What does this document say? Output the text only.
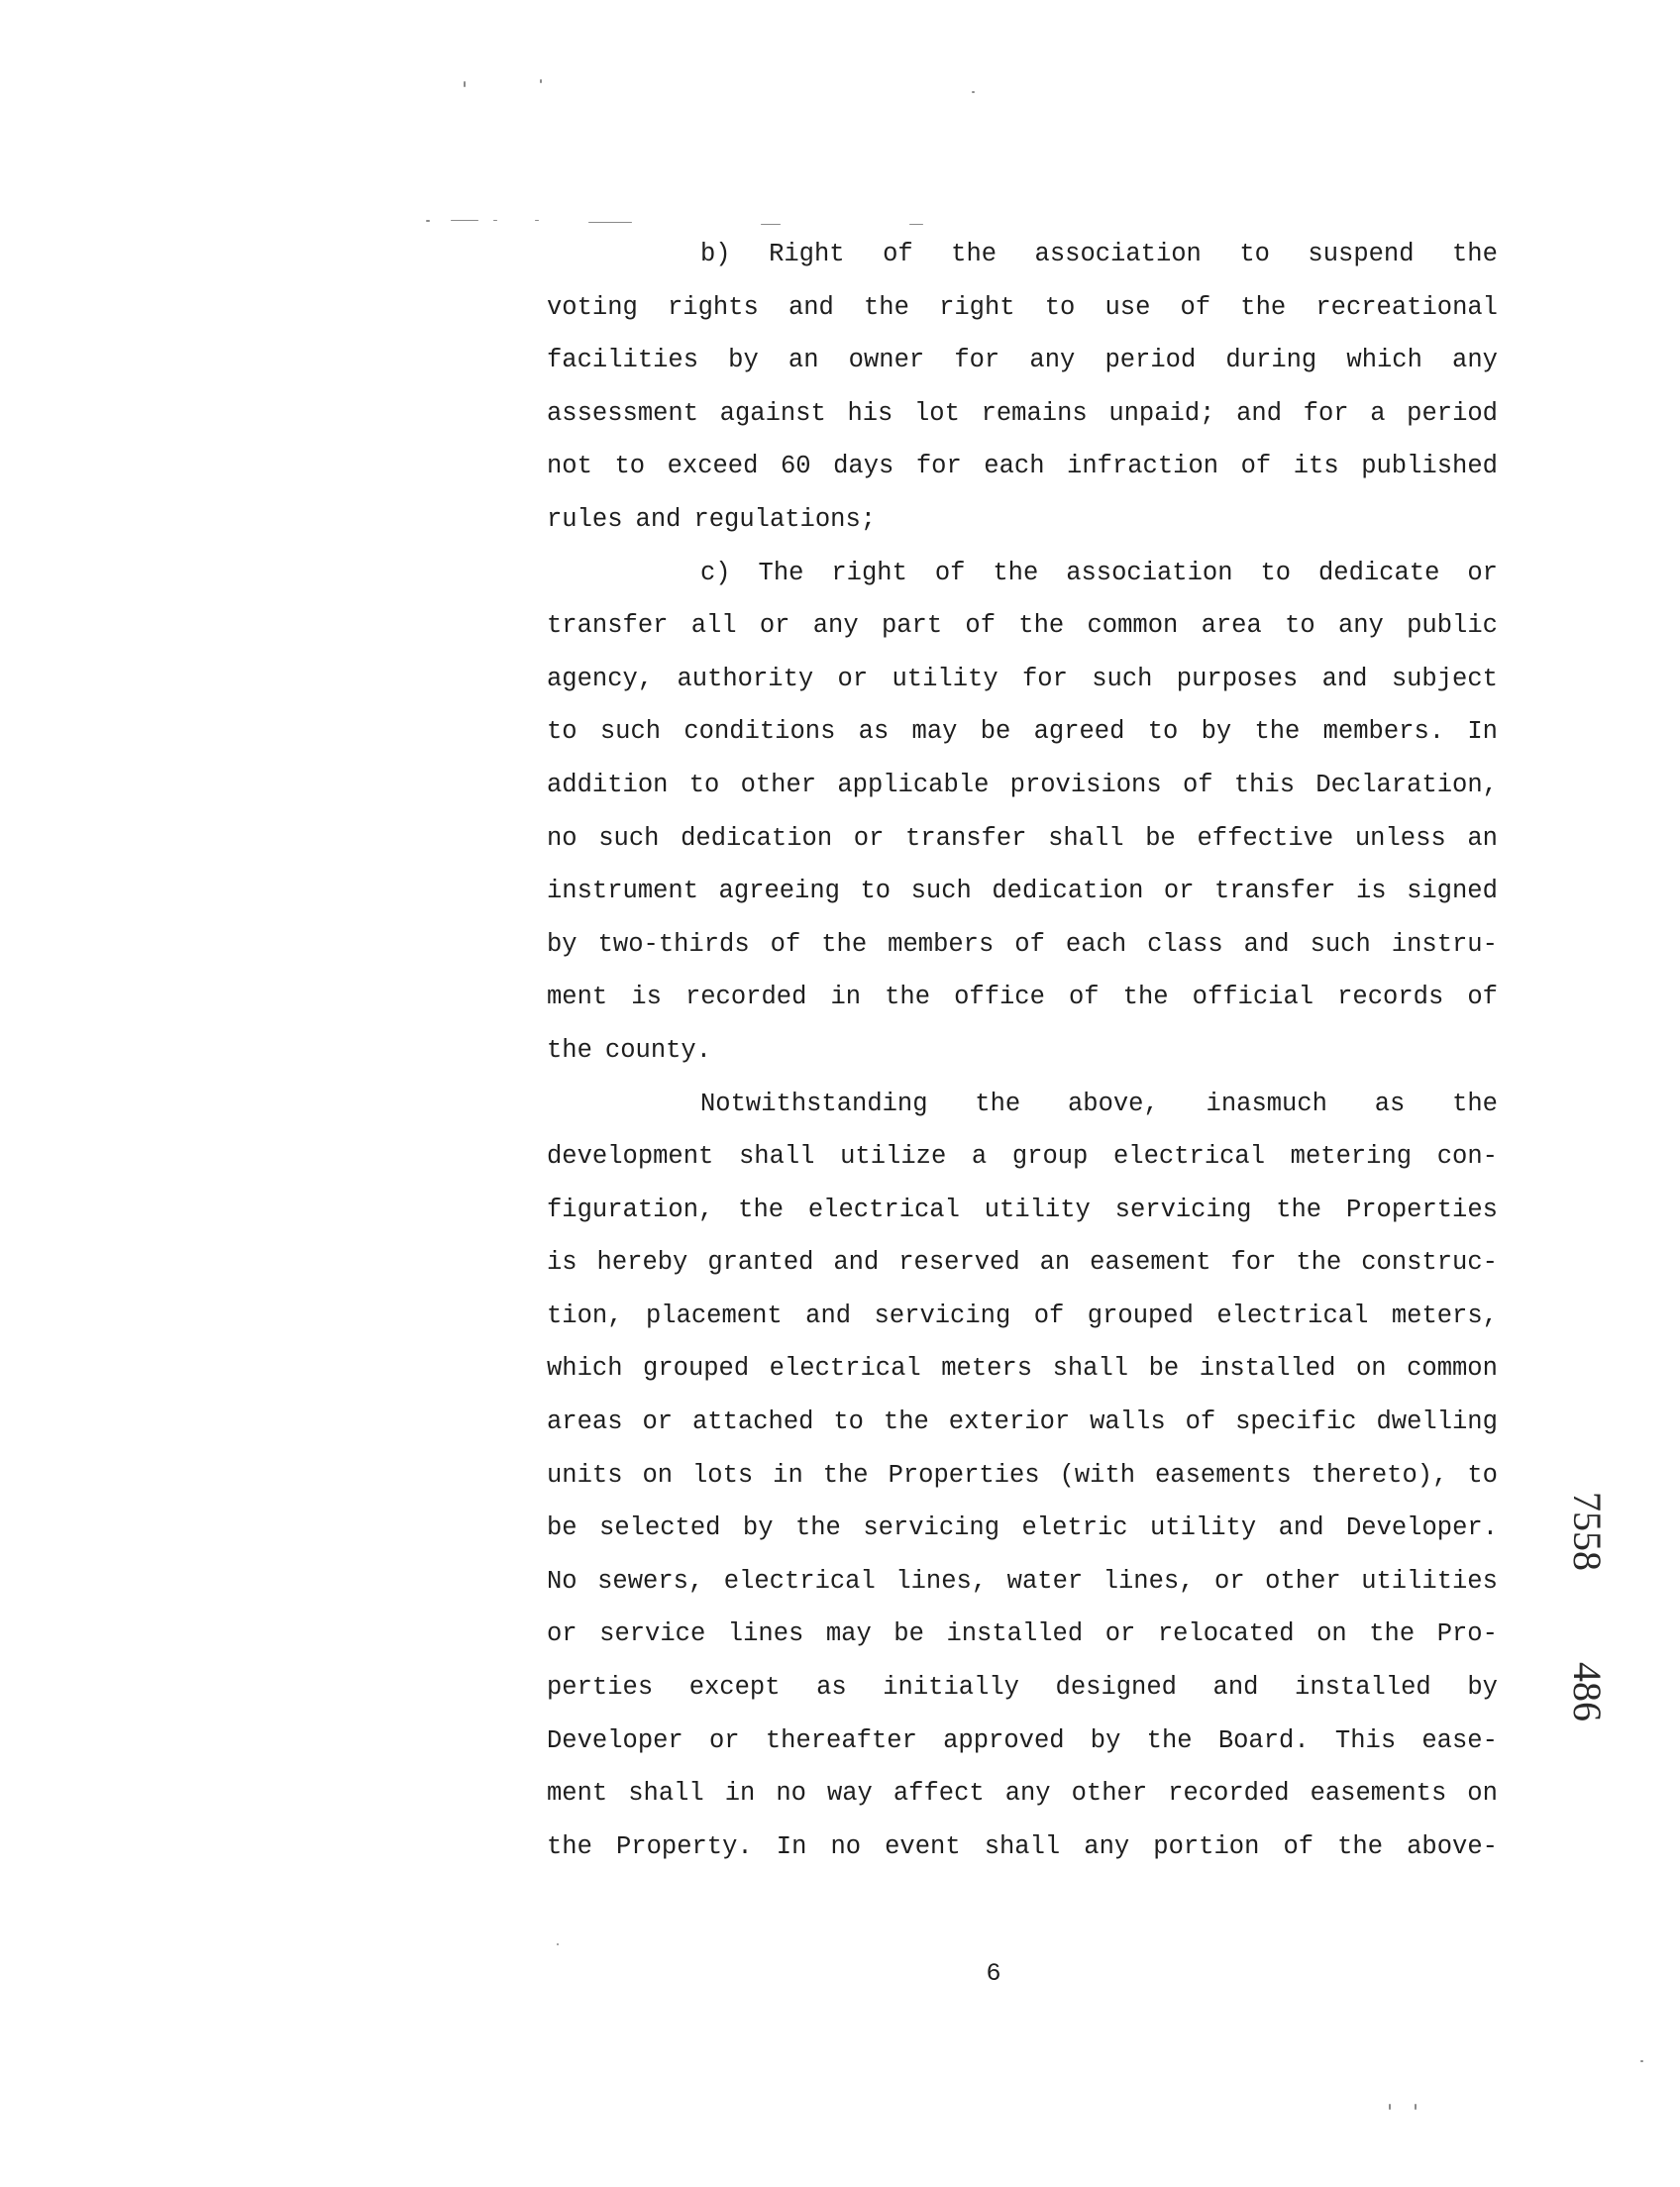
b) Right of the association to suspend the
voting rights and the right to use of the recreational
facilities by an owner for any period during which any
assessment against his lot remains unpaid; and for a period
not to exceed 60 days for each infraction of its published
rules and regulations;
c) The right of the association to dedicate or
transfer all or any part of the common area to any public
agency, authority or utility for such purposes and subject
to such conditions as may be agreed to by the members. In
addition to other applicable provisions of this Declaration,
no such dedication or transfer shall be effective unless an
instrument agreeing to such dedication or transfer is signed
by two-thirds of the members of each class and such instru-
ment is recorded in the office of the official records of
the county.
Notwithstanding the above, inasmuch as the
development shall utilize a group electrical metering con-
figuration, the electrical utility servicing the Properties
is hereby granted and reserved an easement for the construc-
tion, placement and servicing of grouped electrical meters,
which grouped electrical meters shall be installed on common
areas or attached to the exterior walls of specific dwelling
units on lots in the Properties (with easements thereto), to
be selected by the servicing eletric utility and Developer.
No sewers, electrical lines, water lines, or other utilities
or service lines may be installed or relocated on the Pro-
perties except as initially designed and installed by
Developer or thereafter approved by the Board. This ease-
ment shall in no way affect any other recorded easements on
the Property. In no event shall any portion of the above-
6
7558
486
